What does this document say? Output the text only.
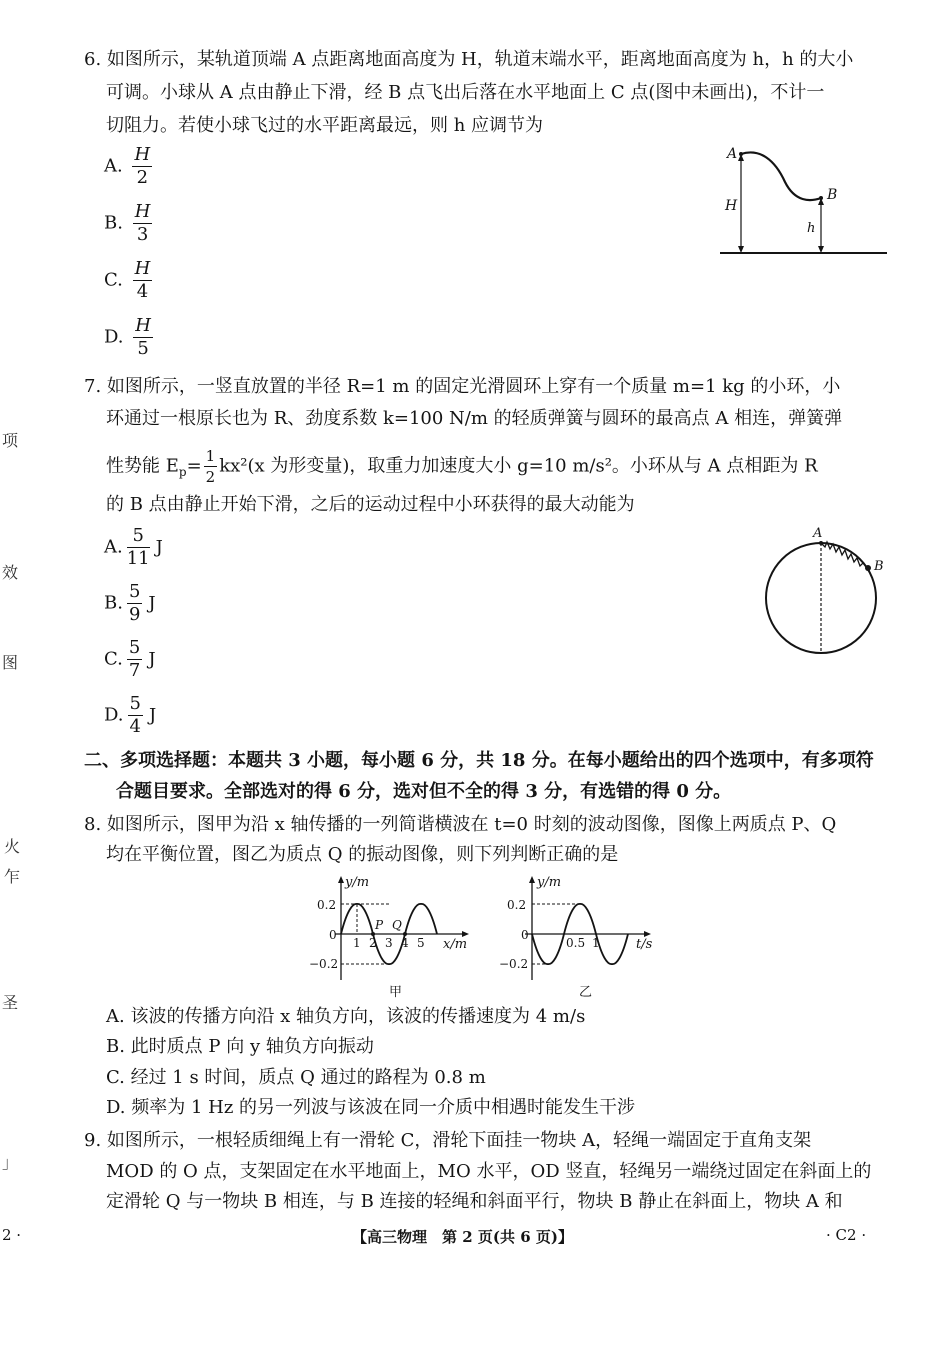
项
效
图
火
乍
圣
」
6. 如图所示，某轨道顶端 A 点距离地面高度为 H，轨道末端水平，距离地面高度为 h，h 的大小
可调。小球从 A 点由静止下滑，经 B 点飞出后落在水平地面上 C 点(图中未画出)，不计一
切阻力。若使小球飞过的水平距离最远，则 h 应调节为
A. $\frac{H}{2}$
B. $\frac{H}{3}$
C. $\frac{H}{4}$
D. $\frac{H}{5}$
A
B
H
h
7. 如图所示，一竖直放置的半径 R=1 m 的固定光滑圆环上穿有一个质量 m=1 kg 的小环，小
环通过一根原长也为 R、劲度系数 k=100 N/m 的轻质弹簧与圆环的最高点 A 相连，弹簧弹
性势能 $E_p= \frac{1}{2} kx^2(x$ 为形变量)，取重力加速度大小 g=10 m/s²。小环从与 A 点相距为 R
的 B 点由静止开始下滑，之后的运动过程中小环获得的最大动能为
A. $\frac{5}{11}$ J
B. $\frac{5}{9}$ J
C. $\frac{5}{7}$ J
D. $\frac{5}{4}$ J
A
B
二、多项选择题：本题共 3 小题，每小题 6 分，共 18 分。在每小题给出的四个选项中，有多项符
合题目要求。全部选对的得 6 分，选对但不全的得 3 分，有选错的得 0 分。
8. 如图所示，图甲为沿 x 轴传播的一列简谐横波在 t=0 时刻的波动图像，图像上两质点 P、Q
均在平衡位置，图乙为质点 Q 的振动图像，则下列判断正确的是
y/m
x/m
0.2
−0.2
0
1 2 3 4 5
P Q
甲
y/m
t/s
0.2
−0.2
0
0.5 1
乙
A. 该波的传播方向沿 x 轴负方向，该波的传播速度为 4 m/s
B. 此时质点 P 向 y 轴负方向振动
C. 经过 1 s 时间，质点 Q 通过的路程为 0.8 m
D. 频率为 1 Hz 的另一列波与该波在同一介质中相遇时能发生干涉
9. 如图所示，一根轻质细绳上有一滑轮 C，滑轮下面挂一物块 A，轻绳一端固定于直角支架
MOD 的 O 点，支架固定在水平地面上，MO 水平，OD 竖直，轻绳另一端绕过固定在斜面上的
定滑轮 Q 与一物块 B 相连，与 B 连接的轻绳和斜面平行，物块 B 静止在斜面上，物块 A 和
【高三物理　第 2 页(共 6 页)】	· C2 ·
2 ·
